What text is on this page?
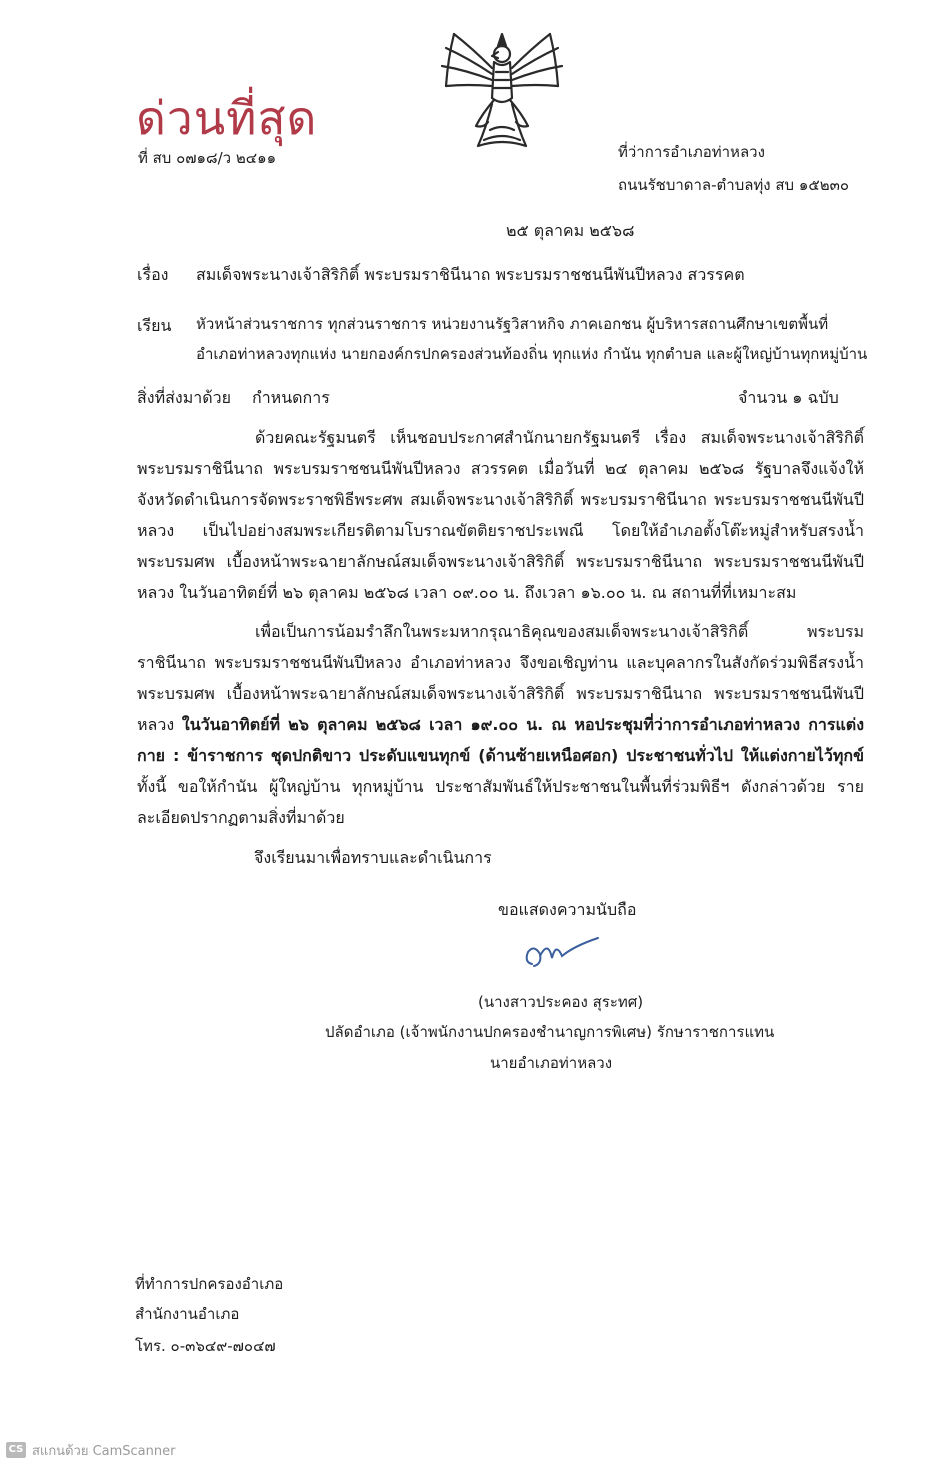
ด่วนที่สุด
ที่ สบ ๐๗๑๘/ว ๒๔๑๑	ที่ว่าการอำเภอท่าหลวง
ถนนรัชบาดาล-ตำบลทุ่ง สบ ๑๕๒๓๐
๒๕ ตุลาคม ๒๕๖๘
เรื่อง สมเด็จพระนางเจ้าสิริกิติ์ พระบรมราชินีนาถ พระบรมราชชนนีพันปีหลวง สวรรคต
เรียน หัวหน้าส่วนราชการ ทุกส่วนราชการ หน่วยงานรัฐวิสาหกิจ ภาคเอกชน ผู้บริหารสถานศึกษาเขตพื้นที่
อำเภอท่าหลวงทุกแห่ง นายกองค์กรปกครองส่วนท้องถิ่น ทุกแห่ง กำนัน ทุกตำบล และผู้ใหญ่บ้านทุกหมู่บ้าน
สิ่งที่ส่งมาด้วย กำหนดการ	จำนวน ๑ ฉบับ
ด้วยคณะรัฐมนตรี เห็นชอบประกาศสำนักนายกรัฐมนตรี เรื่อง สมเด็จพระนางเจ้าสิริกิติ์ พระบรมราชินีนาถ พระบรมราชชนนีพันปีหลวง สวรรคต เมื่อวันที่ ๒๔ ตุลาคม ๒๕๖๘ รัฐบาลจึงแจ้งให้จังหวัดดำเนินการจัดพระราชพิธีพระศพ สมเด็จพระนางเจ้าสิริกิติ์ พระบรมราชินีนาถ พระบรมราชชนนีพันปีหลวง เป็นไปอย่างสมพระเกียรติตามโบราณขัตติยราชประเพณี โดยให้อำเภอตั้งโต๊ะหมู่สำหรับสรงน้ำพระบรมศพ เบื้องหน้าพระฉายาลักษณ์สมเด็จพระนางเจ้าสิริกิติ์ พระบรมราชินีนาถ พระบรมราชชนนีพันปีหลวง ในวันอาทิตย์ที่ ๒๖ ตุลาคม ๒๕๖๘ เวลา ๐๙.๐๐ น. ถึงเวลา ๑๖.๐๐ น. ณ สถานที่ที่เหมาะสม
เพื่อเป็นการน้อมรำลึกในพระมหากรุณาธิคุณของสมเด็จพระนางเจ้าสิริกิติ์ พระบรมราชินีนาถ พระบรมราชชนนีพันปีหลวง อำเภอท่าหลวง จึงขอเชิญท่าน และบุคลากรในสังกัดร่วมพิธีสรงน้ำพระบรมศพ เบื้องหน้าพระฉายาลักษณ์สมเด็จพระนางเจ้าสิริกิติ์ พระบรมราชินีนาถ พระบรมราชชนนีพันปีหลวง ในวันอาทิตย์ที่ ๒๖ ตุลาคม ๒๕๖๘ เวลา ๑๙.๐๐ น. ณ หอประชุมที่ว่าการอำเภอท่าหลวง การแต่งกาย : ข้าราชการ ชุดปกติขาว ประดับแขนทุกข์ (ด้านซ้ายเหนือศอก) ประชาชนทั่วไป ให้แต่งกายไว้ทุกข์ ทั้งนี้ ขอให้กำนัน ผู้ใหญ่บ้าน ทุกหมู่บ้าน ประชาสัมพันธ์ให้ประชาชนในพื้นที่ร่วมพิธีฯ ดังกล่าวด้วย รายละเอียดปรากฏตามสิ่งที่มาด้วย
จึงเรียนมาเพื่อทราบและดำเนินการ
ขอแสดงความนับถือ
(นางสาวประคอง สุระทศ)
ปลัดอำเภอ (เจ้าพนักงานปกครองชำนาญการพิเศษ) รักษาราชการแทน
นายอำเภอท่าหลวง
ที่ทำการปกครองอำเภอ
สำนักงานอำเภอ
โทร. ๐-๓๖๔๙-๗๐๔๗
CS สแกนด้วย CamScanner
